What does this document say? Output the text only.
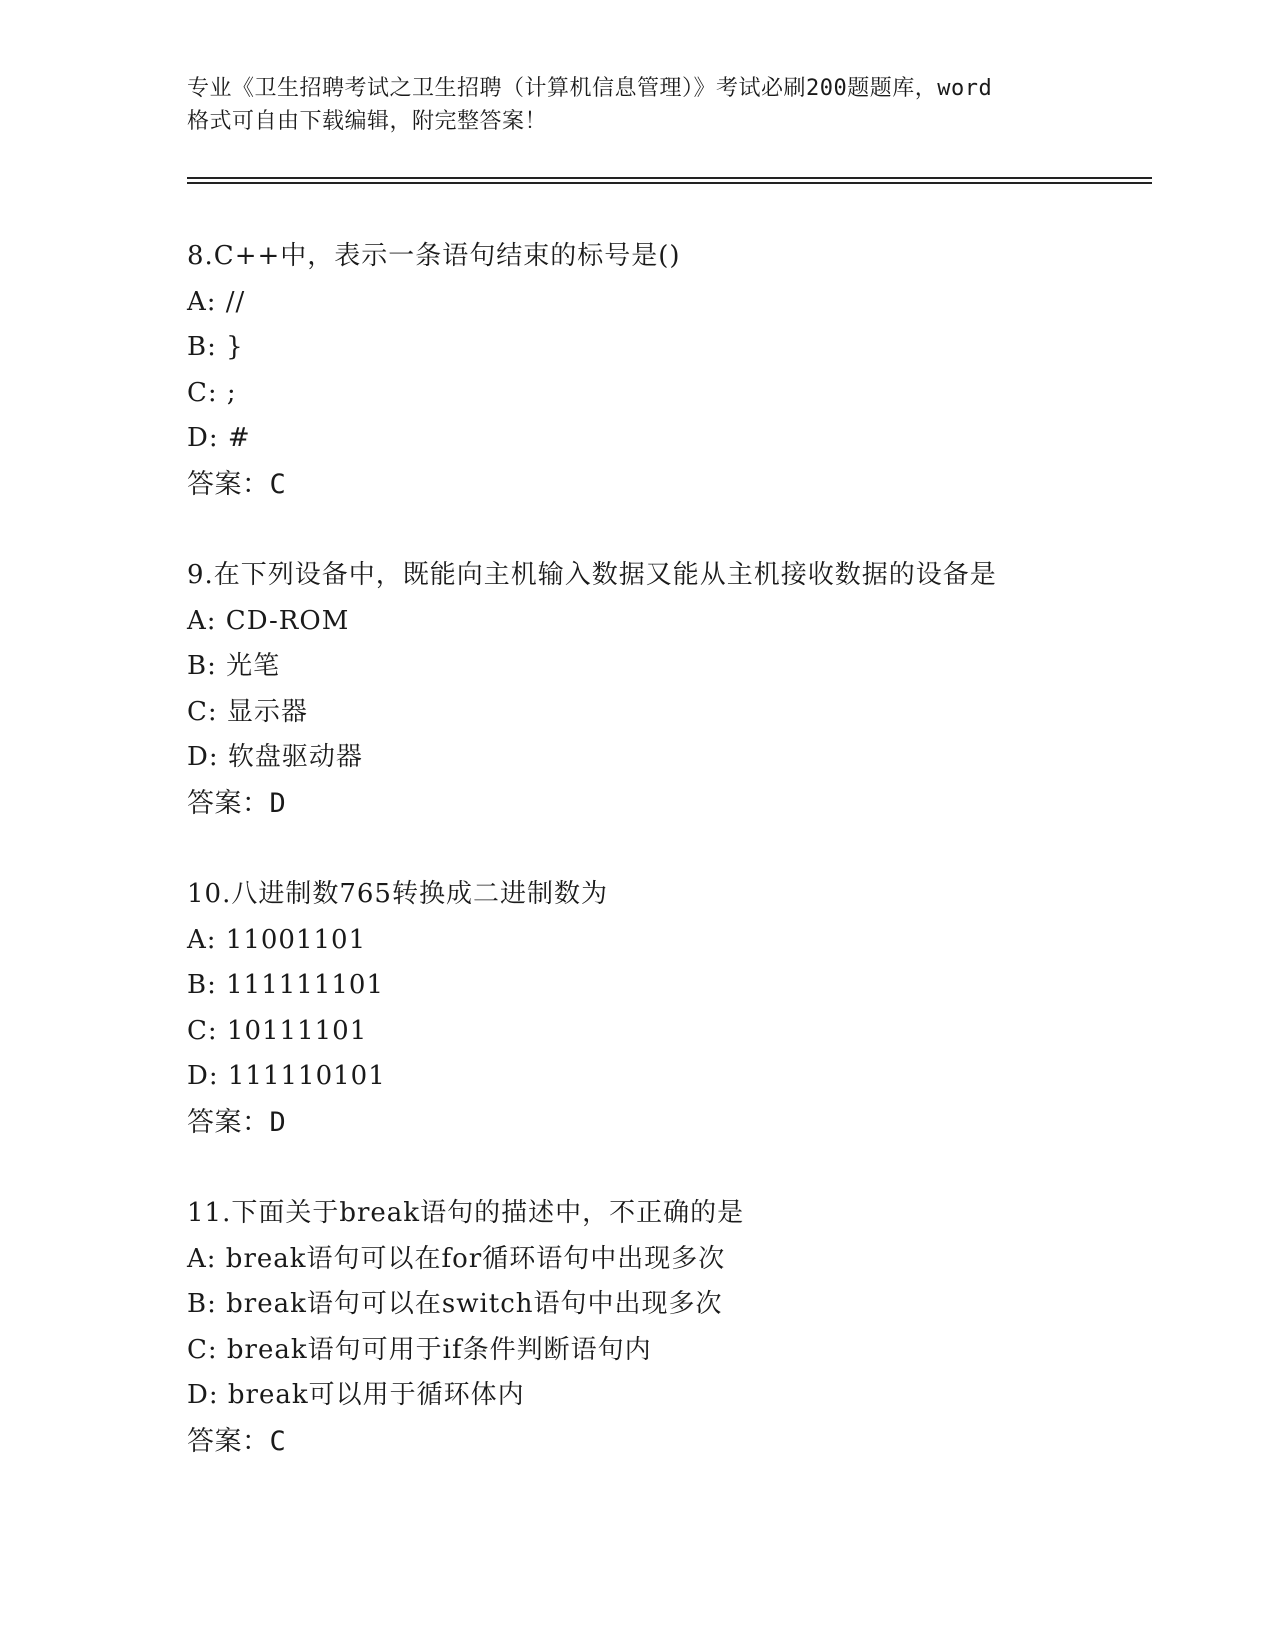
专业《卫生招聘考试之卫生招聘（计算机信息管理）》考试必刷200题题库，word
格式可自由下载编辑，附完整答案！
8.C++中，表示一条语句结束的标号是()
A: //
B: }
C: ;
D: #
答案：C
9.在下列设备中，既能向主机输入数据又能从主机接收数据的设备是
A: CD-ROM
B: 光笔
C: 显示器
D: 软盘驱动器
答案：D
10.八进制数765转换成二进制数为
A: 11001101
B: 111111101
C: 10111101
D: 111110101
答案：D
11.下面关于break语句的描述中，不正确的是
A: break语句可以在for循环语句中出现多次
B: break语句可以在switch语句中出现多次
C: break语句可用于if条件判断语句内
D: break可以用于循环体内
答案：C
